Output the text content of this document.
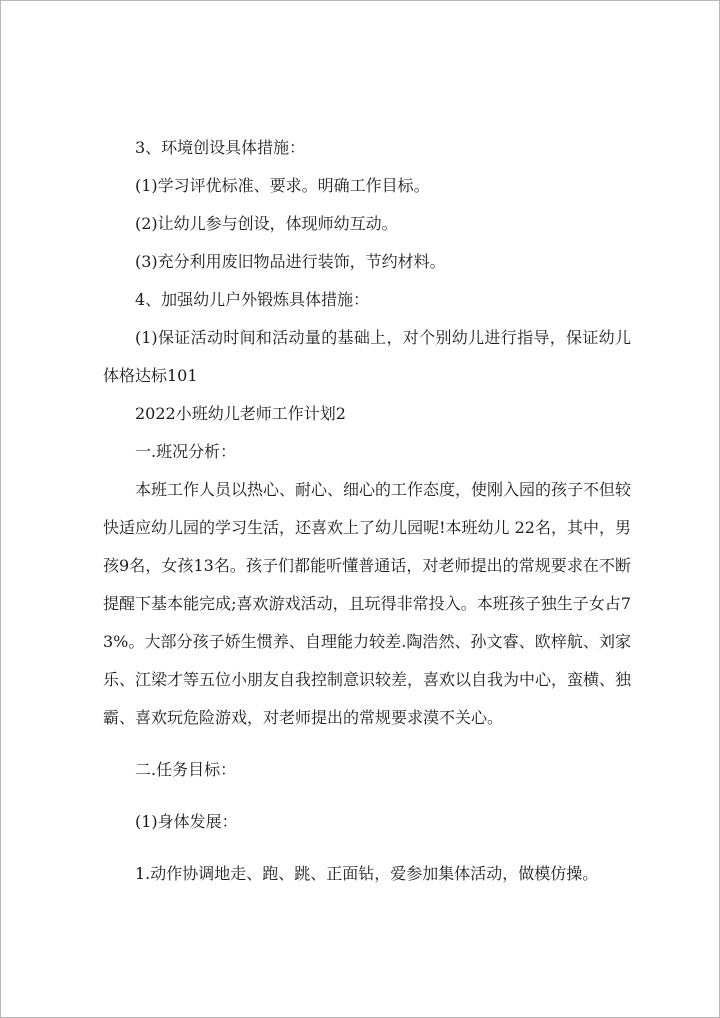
3、环境创设具体措施：

(1)学习评优标准、要求。明确工作目标。

(2)让幼儿参与创设，体现师幼互动。

(3)充分利用废旧物品进行装饰，节约材料。

4、加强幼儿户外锻炼具体措施：

(1)保证活动时间和活动量的基础上，对个别幼儿进行指导，保证幼儿体格达标101

2022小班幼儿老师工作计划2

一.班况分析：

本班工作人员以热心、耐心、细心的工作态度，使刚入园的孩子不但较快适应幼儿园的学习生活，还喜欢上了幼儿园呢!本班幼儿 22名，其中，男孩9名，女孩13名。孩子们都能听懂普通话，对老师提出的常规要求在不断提醒下基本能完成;喜欢游戏活动，且玩得非常投入。本班孩子独生子女占73%。大部分孩子娇生惯养、自理能力较差.陶浩然、孙文睿、欧梓航、刘家乐、江梁才等五位小朋友自我控制意识较差，喜欢以自我为中心，蛮横、独霸、喜欢玩危险游戏，对老师提出的常规要求漠不关心。

二.任务目标：

(1)身体发展：

1.动作协调地走、跑、跳、正面钻，爱参加集体活动，做模仿操。
